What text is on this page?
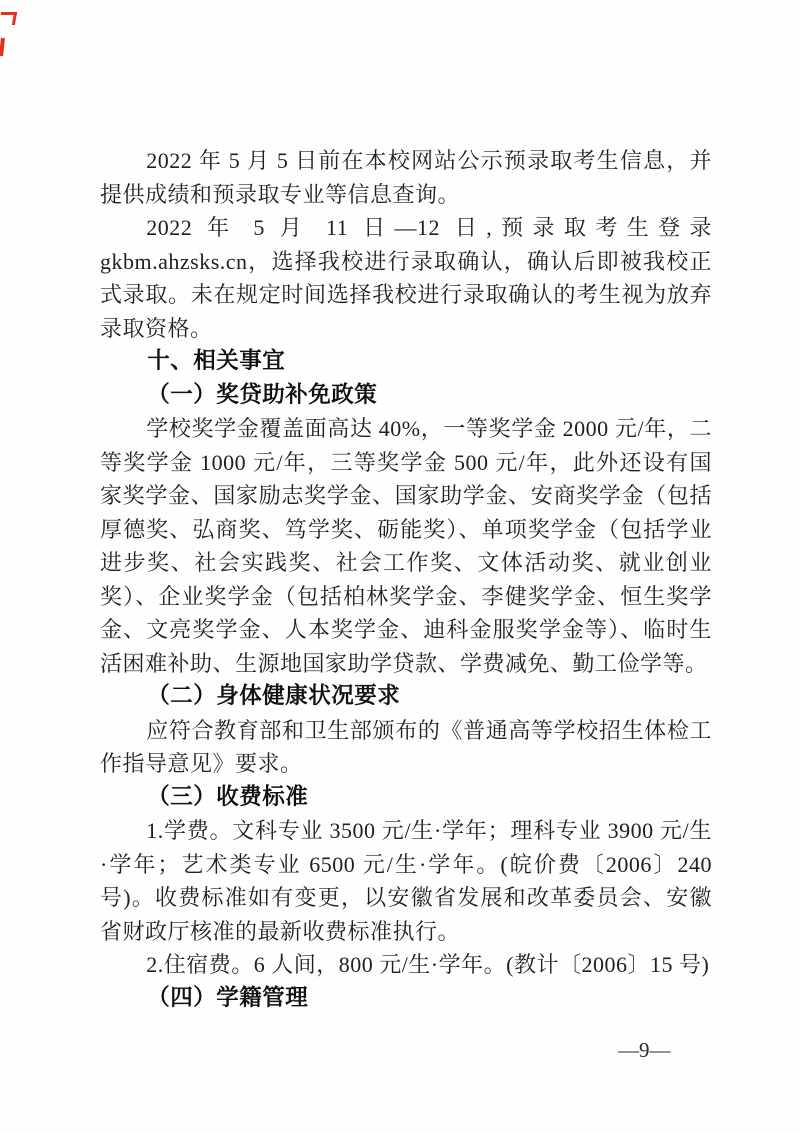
2022 年 5 月 5 日前在本校网站公示预录取考生信息，并提供成绩和预录取专业等信息查询。

2022 年 5 月 11 日—12 日,预录取考生登录 gkbm.ahzsks.cn，选择我校进行录取确认，确认后即被我校正式录取。未在规定时间选择我校进行录取确认的考生视为放弃录取资格。

十、相关事宜
（一）奖贷助补免政策

学校奖学金覆盖面高达 40%，一等奖学金 2000 元/年，二等奖学金 1000 元/年，三等奖学金 500 元/年，此外还设有国家奖学金、国家励志奖学金、国家助学金、安商奖学金（包括厚德奖、弘商奖、笃学奖、砺能奖）、单项奖学金（包括学业进步奖、社会实践奖、社会工作奖、文体活动奖、就业创业奖）、企业奖学金（包括柏林奖学金、李健奖学金、恒生奖学金、文亮奖学金、人本奖学金、迪科金服奖学金等）、临时生活困难补助、生源地国家助学贷款、学费减免、勤工俭学等。

（二）身体健康状况要求

应符合教育部和卫生部颁布的《普通高等学校招生体检工作指导意见》要求。

（三）收费标准

1.学费。文科专业 3500 元/生·学年；理科专业 3900 元/生·学年；艺术类专业 6500 元/生·学年。(皖价费〔2006〕240 号)。收费标准如有变更，以安徽省发展和改革委员会、安徽省财政厅核准的最新收费标准执行。

2.住宿费。6 人间，800 元/生·学年。(教计〔2006〕15 号)

（四）学籍管理
—9—
